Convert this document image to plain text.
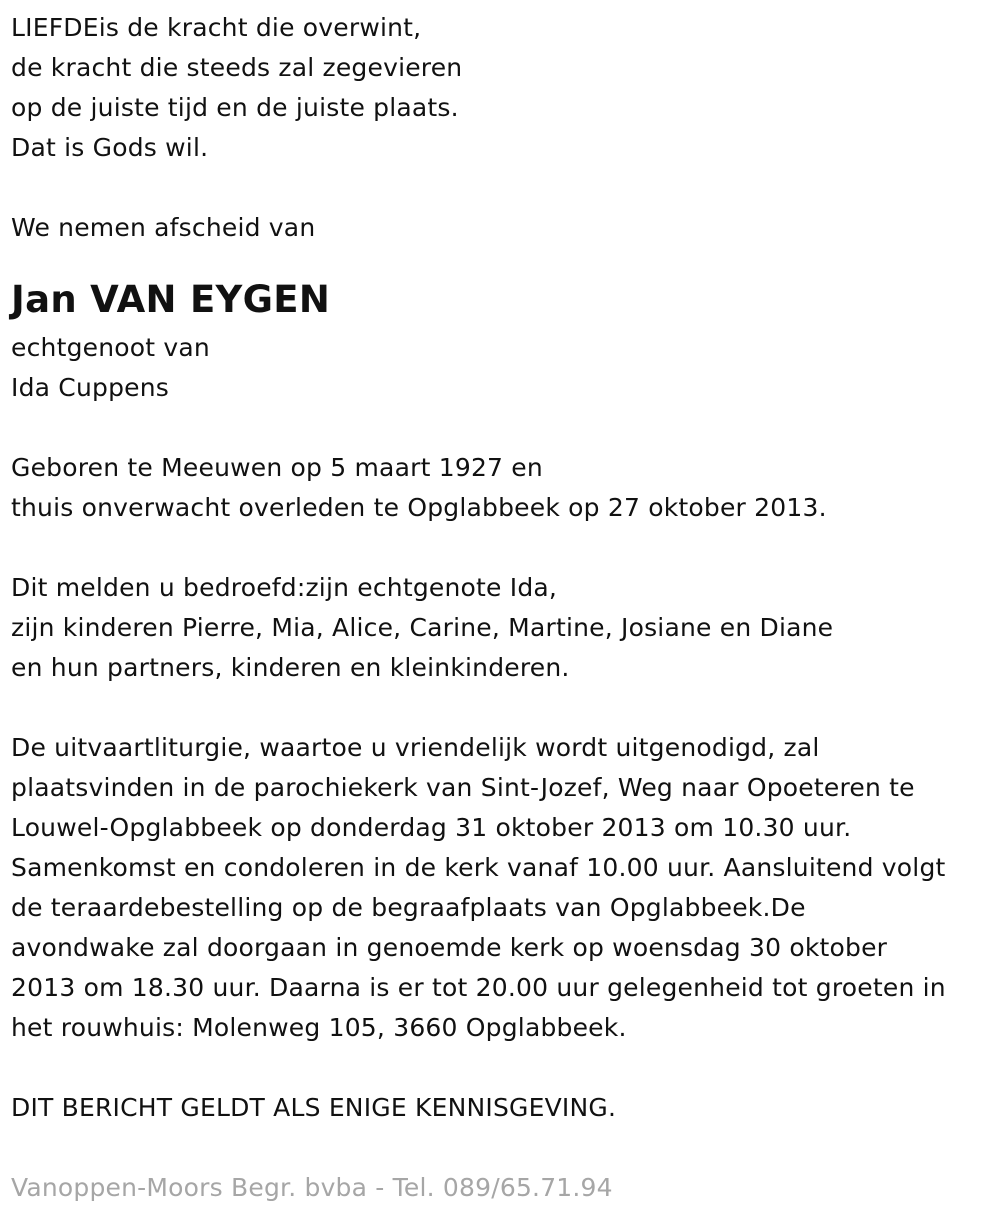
LIEFDEis de kracht die overwint,
de kracht die steeds zal zegevieren
op de juiste tijd en de juiste plaats.
Dat is Gods wil.
We nemen afscheid van
Jan VAN EYGEN
echtgenoot van
Ida Cuppens
Geboren te Meeuwen op 5 maart 1927 en
thuis onverwacht overleden te Opglabbeek op 27 oktober 2013.
Dit melden u bedroefd:zijn echtgenote Ida,
zijn kinderen Pierre, Mia, Alice, Carine, Martine, Josiane en Diane
en hun partners, kinderen en kleinkinderen.
De uitvaartliturgie, waartoe u vriendelijk wordt uitgenodigd, zal
plaatsvinden in de parochiekerk van Sint-Jozef, Weg naar Opoeteren te
Louwel-Opglabbeek op donderdag 31 oktober 2013 om 10.30 uur.
Samenkomst en condoleren in de kerk vanaf 10.00 uur. Aansluitend volgt
de teraardebestelling op de begraafplaats van Opglabbeek.De
avondwake zal doorgaan in genoemde kerk op woensdag 30 oktober
2013 om 18.30 uur. Daarna is er tot 20.00 uur gelegenheid tot groeten in
het rouwhuis: Molenweg 105, 3660 Opglabbeek.
DIT BERICHT GELDT ALS ENIGE KENNISGEVING.
Vanoppen-Moors Begr. bvba - Tel. 089/65.71.94
